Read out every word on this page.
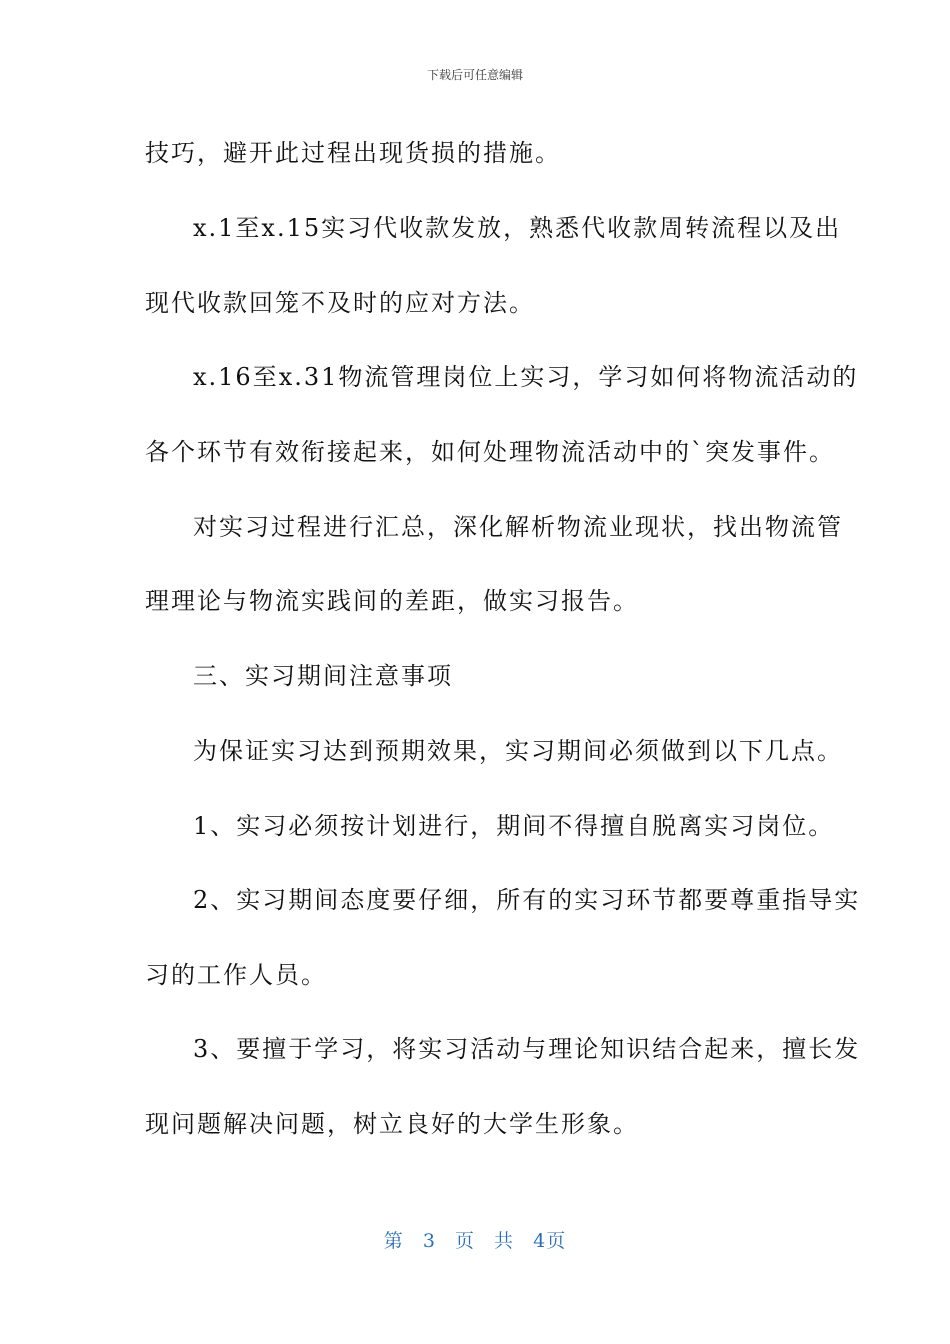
下载后可任意编辑
技巧，避开此过程出现货损的措施。
x.1至x.15实习代收款发放，熟悉代收款周转流程以及出
现代收款回笼不及时的应对方法。
x.16至x.31物流管理岗位上实习，学习如何将物流活动的
各个环节有效衔接起来，如何处理物流活动中的`突发事件。
对实习过程进行汇总，深化解析物流业现状，找出物流管
理理论与物流实践间的差距，做实习报告。
三、实习期间注意事项
为保证实习达到预期效果，实习期间必须做到以下几点。
1、实习必须按计划进行，期间不得擅自脱离实习岗位。
2、实习期间态度要仔细，所有的实习环节都要尊重指导实
习的工作人员。
3、要擅于学习，将实习活动与理论知识结合起来，擅长发
现问题解决问题，树立良好的大学生形象。
第 3 页 共 4页
